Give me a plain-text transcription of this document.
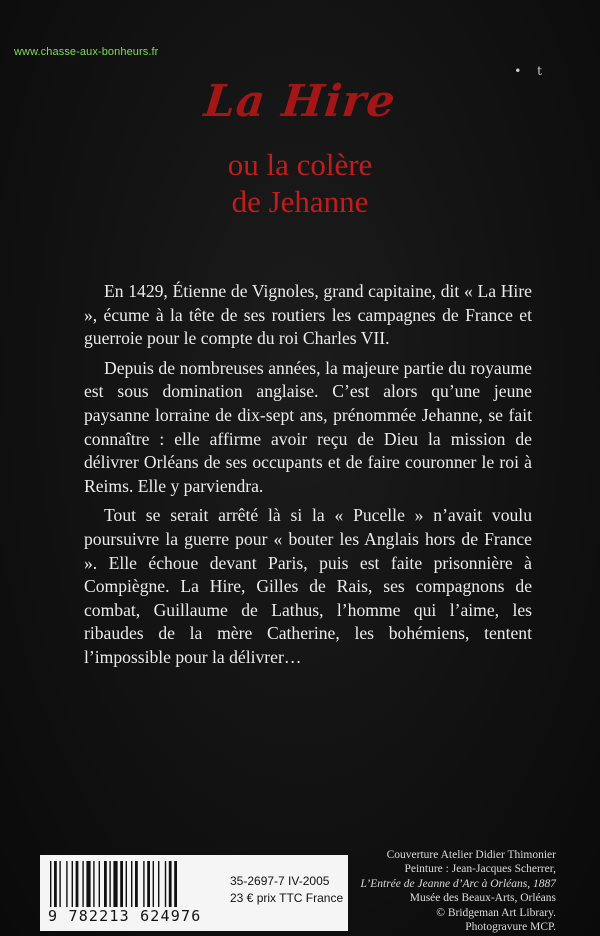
www.chasse-aux-bonheurs.fr
• t
La Hire
ou la colère
de Jehanne

En 1429, Étienne de Vignoles, grand capitaine, dit « La Hire », écume à la tête de ses routiers les campagnes de France et guerroie pour le compte du roi Charles VII.

Depuis de nombreuses années, la majeure partie du royaume est sous domination anglaise. C’est alors qu’une jeune paysanne lorraine de dix-sept ans, prénommée Jehanne, se fait connaître : elle affirme avoir reçu de Dieu la mission de délivrer Orléans de ses occupants et de faire couronner le roi à Reims. Elle y parviendra.

Tout se serait arrêté là si la « Pucelle » n’avait voulu poursuivre la guerre pour « bouter les Anglais hors de France ». Elle échoue devant Paris, puis est faite prisonnière à Compiègne. La Hire, Gilles de Rais, ses compagnons de combat, Guillaume de Lathus, l’homme qui l’aime, les ribaudes de la mère Catherine, les bohémiens, tentent l’impossible pour la délivrer…

9 782213 624976
35-2697-7 IV-2005
23 € prix TTC France
Couverture Atelier Didier Thimonier
Peinture : Jean-Jacques Scherrer,
L’Entrée de Jeanne d’Arc à Orléans, 1887
Musée des Beaux-Arts, Orléans
© Bridgeman Art Library.
Photogravure MCP.
